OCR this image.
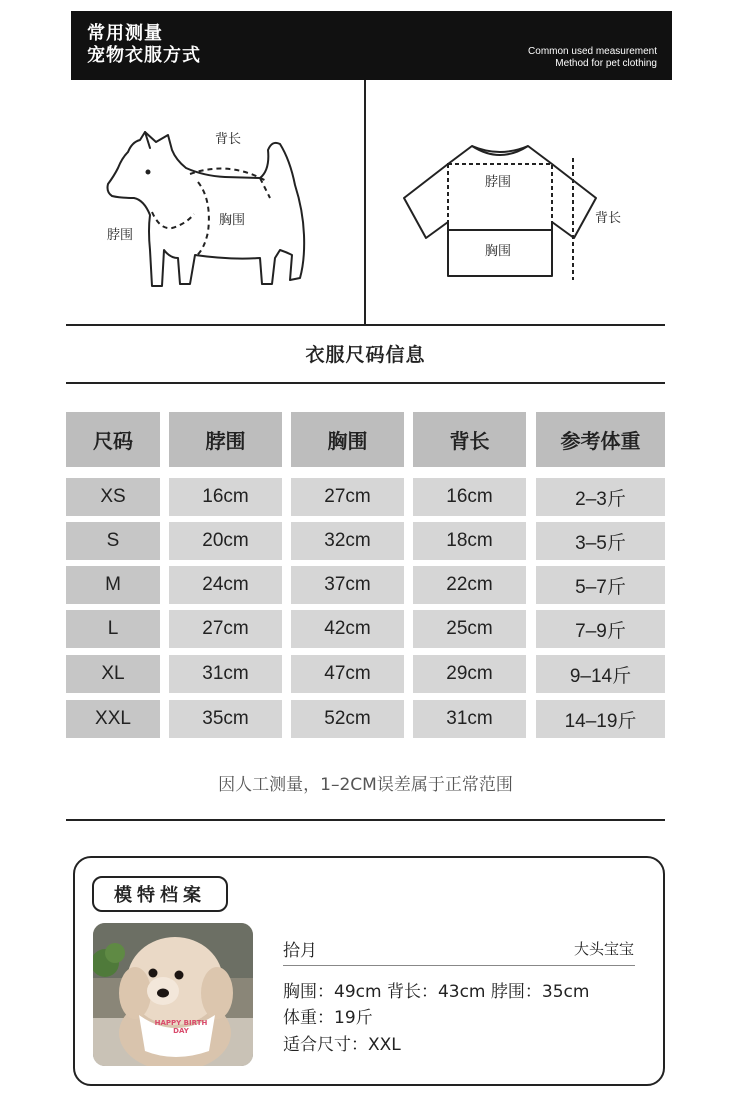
常用测量
宠物衣服方式	Common used measurement
Method for pet clothing
背长
脖围
胸围
脖围
胸围
背长
衣服尺码信息
尺码	脖围	胸围	背长	参考体重
XS	16cm	27cm	16cm	2–3斤
S	20cm	32cm	18cm	3–5斤
M	24cm	37cm	22cm	5–7斤
L	27cm	42cm	25cm	7–9斤
XL	31cm	47cm	29cm	9–14斤
XXL	35cm	52cm	31cm	14–19斤
因人工测量，1–2CM误差属于正常范围
模特档案
HAPPY BIRTH DAY
拾月	大头宝宝
胸围：49cm 背长：43cm 脖围：35cm
体重：19斤
适合尺寸：XXL
